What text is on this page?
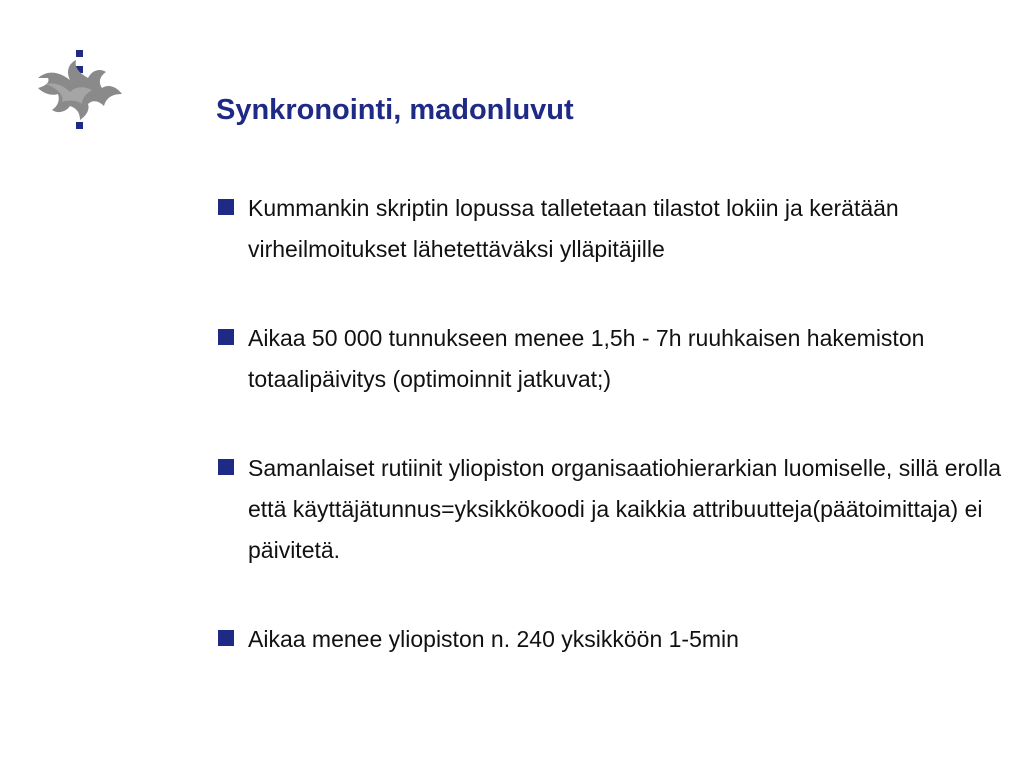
Synkronointi, madonluvut
Kummankin skriptin lopussa talletetaan tilastot lokiin ja kerätään virheilmoitukset lähetettäväksi ylläpitäjille
Aikaa 50 000 tunnukseen menee 1,5h - 7h ruuhkaisen hakemiston totaalipäivitys (optimoinnit jatkuvat;)
Samanlaiset rutiinit yliopiston organisaatiohierarkian luomiselle, sillä erolla että käyttäjätunnus=yksikkökoodi ja kaikkia attribuutteja(päätoimittaja) ei päivitetä.
Aikaa menee yliopiston n. 240 yksikköön 1-5min
